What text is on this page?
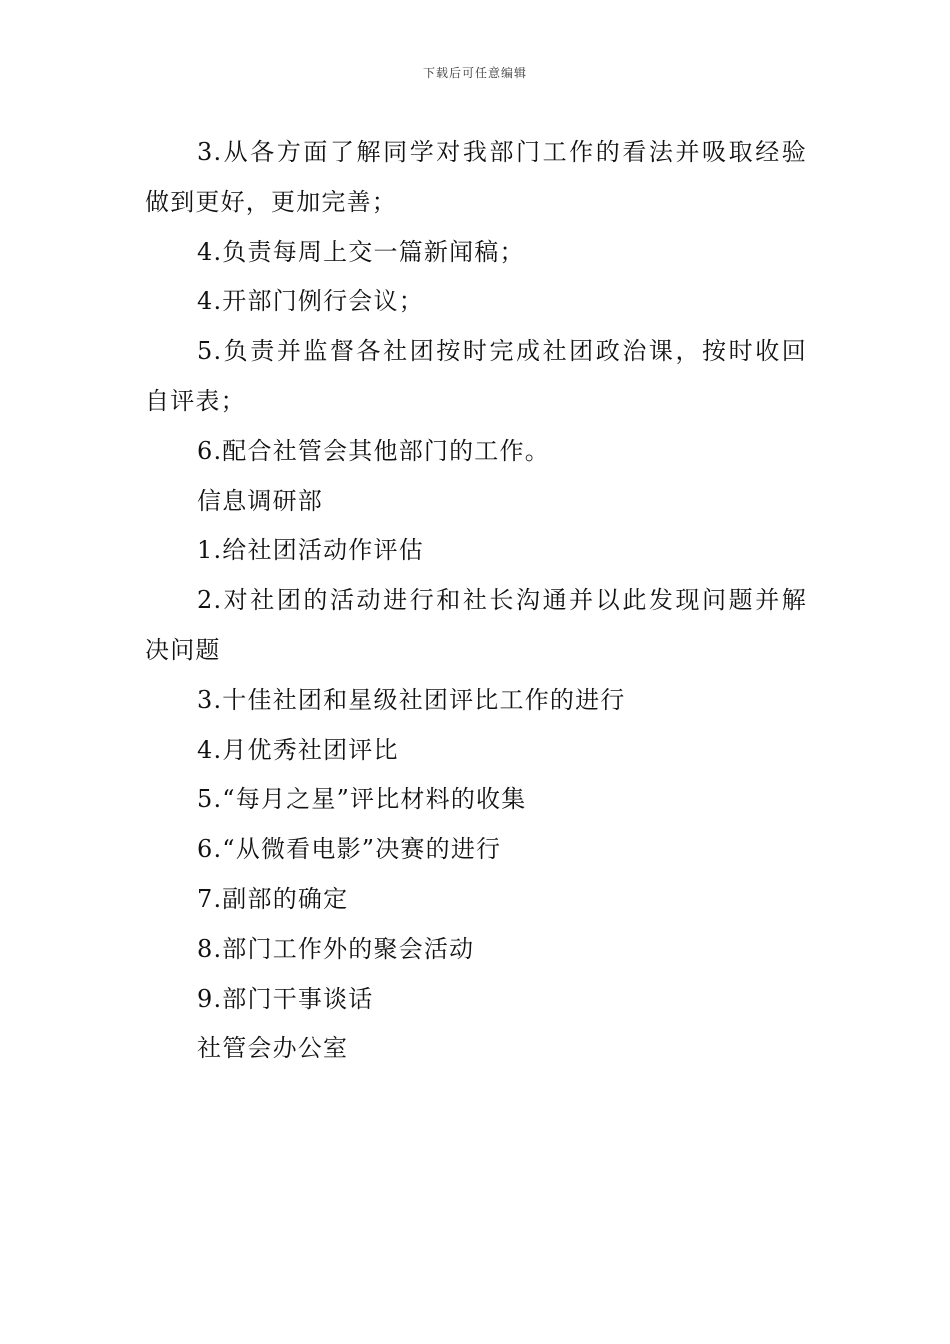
下载后可任意编辑
3.从各方面了解同学对我部门工作的看法并吸取经验
做到更好，更加完善；
4.负责每周上交一篇新闻稿；
4.开部门例行会议；
5.负责并监督各社团按时完成社团政治课，按时收回
自评表；
6.配合社管会其他部门的工作。
信息调研部
1.给社团活动作评估
2.对社团的活动进行和社长沟通并以此发现问题并解
决问题
3.十佳社团和星级社团评比工作的进行
4.月优秀社团评比
5.“每月之星”评比材料的收集
6.“从微看电影”决赛的进行
7.副部的确定
8.部门工作外的聚会活动
9.部门干事谈话
社管会办公室
